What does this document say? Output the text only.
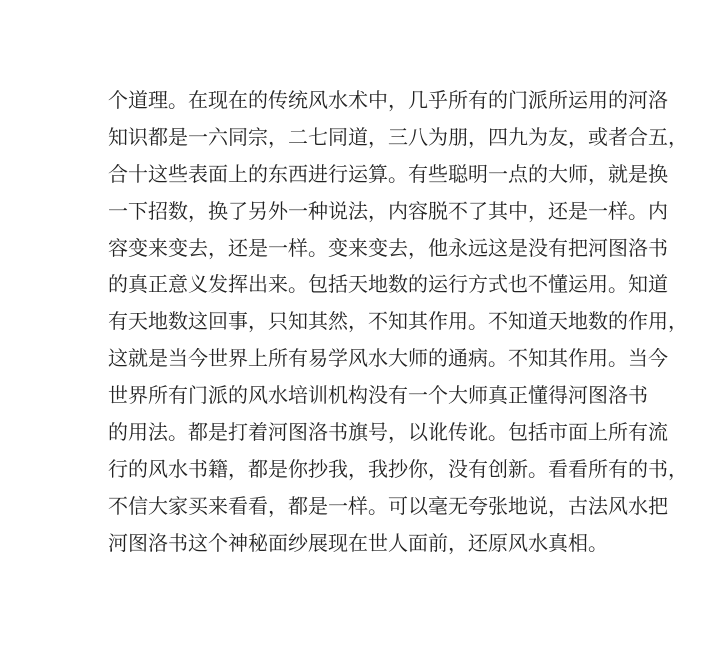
个道理。在现在的传统风水术中，几乎所有的门派所运用的河洛
知识都是一六同宗，二七同道，三八为朋，四九为友，或者合五，
合十这些表面上的东西进行运算。有些聪明一点的大师，就是换
一下招数，换了另外一种说法，内容脱不了其中，还是一样。内
容变来变去，还是一样。变来变去，他永远这是没有把河图洛书
的真正意义发挥出来。包括天地数的运行方式也不懂运用。知道
有天地数这回事，只知其然，不知其作用。不知道天地数的作用，
这就是当今世界上所有易学风水大师的通病。不知其作用。当今
世界所有门派的风水培训机构没有一个大师真正懂得河图洛书
的用法。都是打着河图洛书旗号，以讹传讹。包括市面上所有流
行的风水书籍，都是你抄我，我抄你，没有创新。看看所有的书，
不信大家买来看看，都是一样。可以毫无夸张地说，古法风水把
河图洛书这个神秘面纱展现在世人面前，还原风水真相。
